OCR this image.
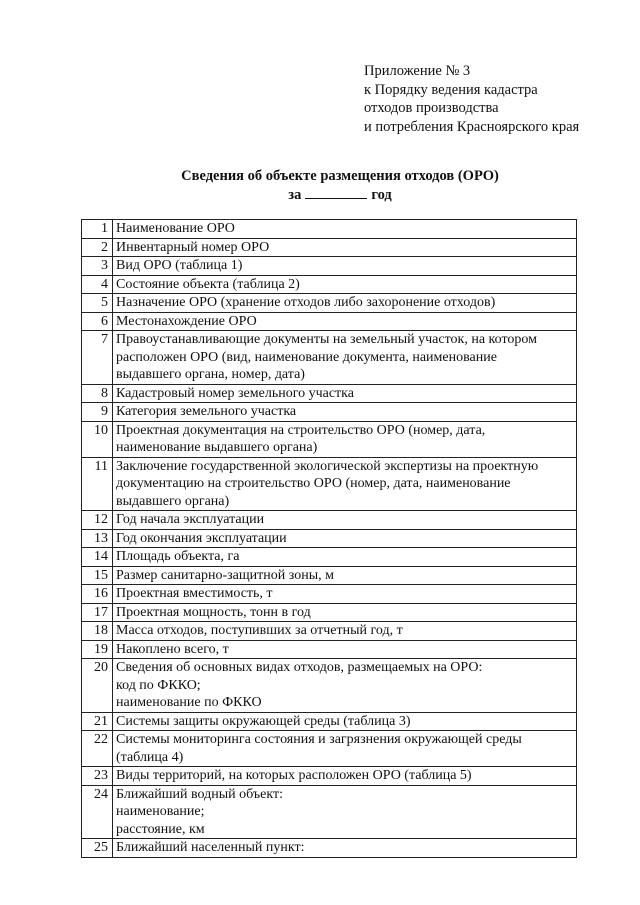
Приложение № 3
к Порядку ведения кадастра
отходов производства
и потребления Красноярского края
Сведения об объекте размещения отходов (ОРО)
за	год
1	Наименование ОРО
2	Инвентарный номер ОРО
3	Вид ОРО (таблица 1)
4	Состояние объекта (таблица 2)
5	Назначение ОРО (хранение отходов либо захоронение отходов)
6	Местонахождение ОРО
7	Правоустанавливающие документы на земельный участок, на котором
расположен ОРО (вид, наименование документа, наименование
выдавшего органа, номер, дата)
8	Кадастровый номер земельного участка
9	Категория земельного участка
10	Проектная документация на строительство ОРО (номер, дата,
наименование выдавшего органа)
11	Заключение государственной экологической экспертизы на проектную
документацию на строительство ОРО (номер, дата, наименование
выдавшего органа)
12	Год начала эксплуатации
13	Год окончания эксплуатации
14	Площадь объекта, га
15	Размер санитарно-защитной зоны, м
16	Проектная вместимость, т
17	Проектная мощность, тонн в год
18	Масса отходов, поступивших за отчетный год, т
19	Накоплено всего, т
20	Сведения об основных видах отходов, размещаемых на ОРО:
код по ФККО;
наименование по ФККО
21	Системы защиты окружающей среды (таблица 3)
22	Системы мониторинга состояния и загрязнения окружающей среды
(таблица 4)
23	Виды территорий, на которых расположен ОРО (таблица 5)
24	Ближайший водный объект:
наименование;
расстояние, км
25	Ближайший населенный пункт:
